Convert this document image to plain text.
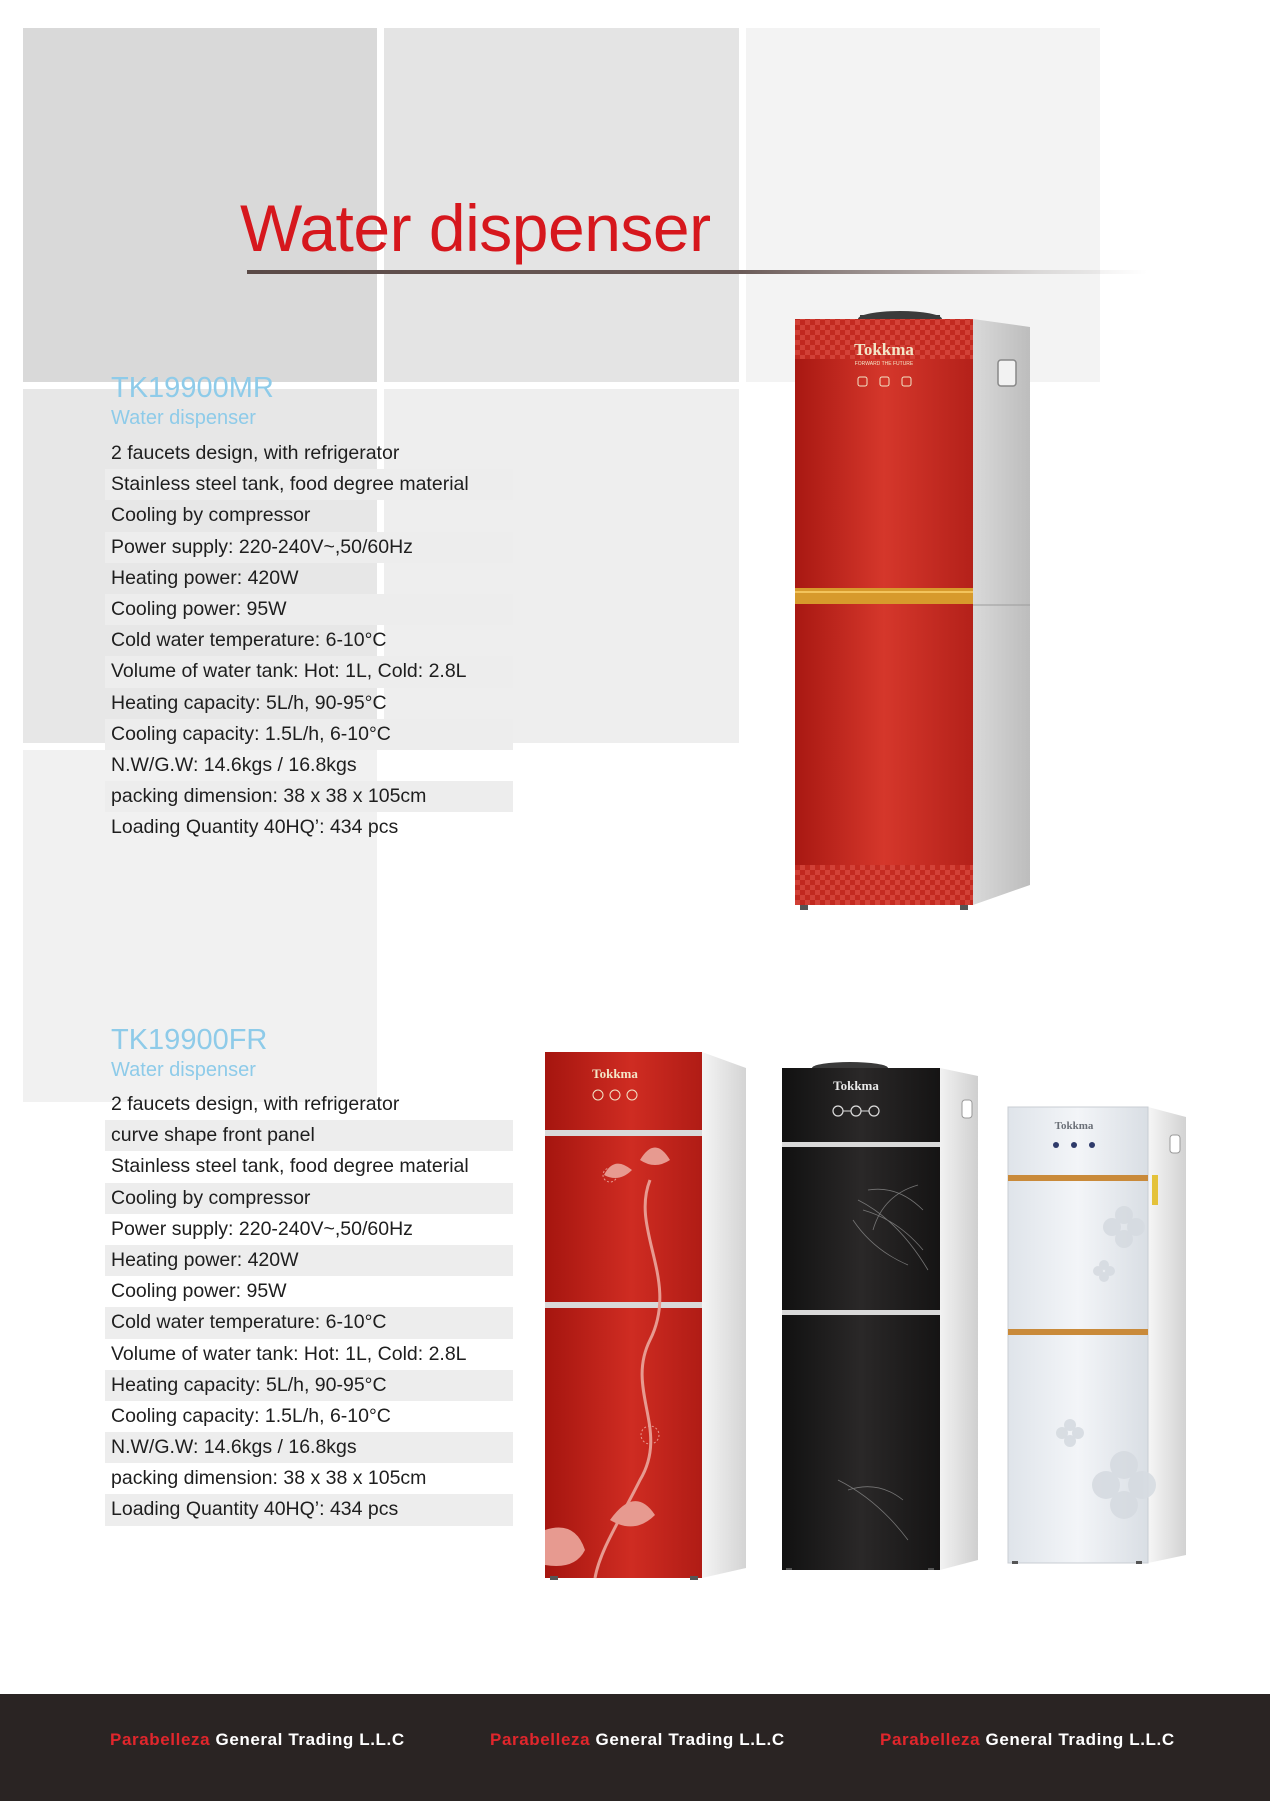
Water dispenser
TK19900MR
Water dispenser
2 faucets design, with refrigerator
Stainless steel tank, food degree material
Cooling by compressor
Power supply: 220-240V~,50/60Hz
Heating power: 420W
Cooling power: 95W
Cold water temperature: 6-10°C
Volume of water tank: Hot: 1L, Cold: 2.8L
Heating capacity: 5L/h, 90-95°C
Cooling capacity: 1.5L/h, 6-10°C
N.W/G.W: 14.6kgs / 16.8kgs
packing dimension: 38 x 38 x 105cm
Loading Quantity 40HQ’: 434 pcs
Tokkma
FORWARD THE FUTURE
TK19900FR
Water dispenser
2 faucets design, with refrigerator
curve shape front panel
Stainless steel tank, food degree material
Cooling by compressor
Power supply: 220-240V~,50/60Hz
Heating power: 420W
Cooling power: 95W
Cold water temperature: 6-10°C
Volume of water tank: Hot: 1L, Cold: 2.8L
Heating capacity: 5L/h, 90-95°C
Cooling capacity: 1.5L/h, 6-10°C
N.W/G.W: 14.6kgs / 16.8kgs
packing dimension: 38 x 38 x 105cm
Loading Quantity 40HQ’: 434 pcs
Tokkma
Tokkma
Tokkma
Parabelleza General Trading L.L.C	Parabelleza General Trading L.L.C	Parabelleza General Trading L.L.C
